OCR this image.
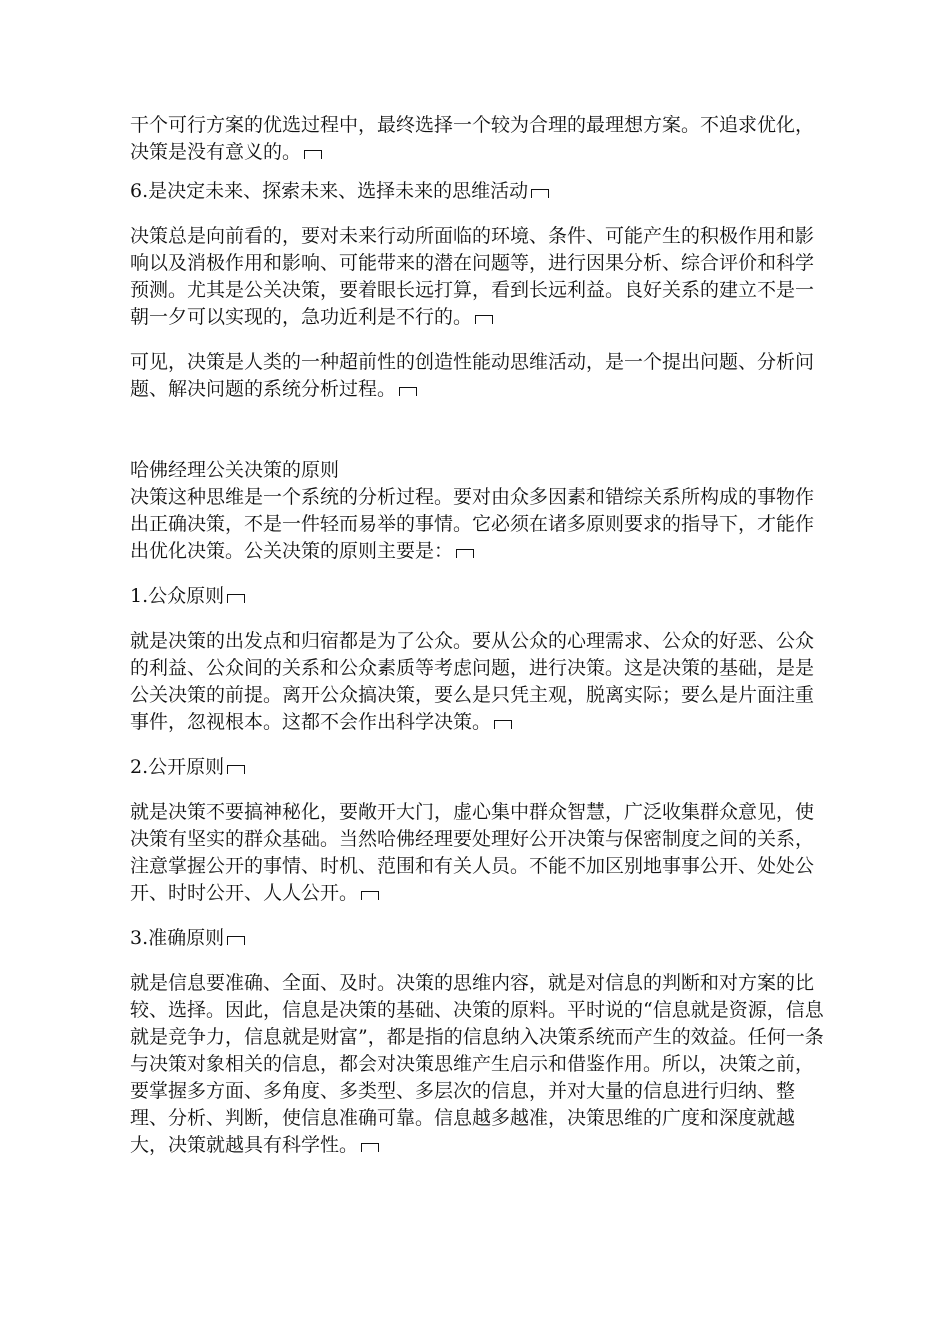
干个可行方案的优选过程中，最终选择一个较为合理的最理想方案。不追求优化，决策是没有意义的。

6.是决定未来、探索未来、选择未来的思维活动

决策总是向前看的，要对未来行动所面临的环境、条件、可能产生的积极作用和影响以及消极作用和影响、可能带来的潜在问题等，进行因果分析、综合评价和科学预测。尤其是公关决策，要着眼长远打算，看到长远利益。良好关系的建立不是一朝一夕可以实现的，急功近利是不行的。

可见，决策是人类的一种超前性的创造性能动思维活动，是一个提出问题、分析问题、解决问题的系统分析过程。

哈佛经理公关决策的原则

决策这种思维是一个系统的分析过程。要对由众多因素和错综关系所构成的事物作出正确决策，不是一件轻而易举的事情。它必须在诸多原则要求的指导下，才能作出优化决策。公关决策的原则主要是：

1.公众原则

就是决策的出发点和归宿都是为了公众。要从公众的心理需求、公众的好恶、公众的利益、公众间的关系和公众素质等考虑问题，进行决策。这是决策的基础，是是公关决策的前提。离开公众搞决策，要么是只凭主观，脱离实际；要么是片面注重事件，忽视根本。这都不会作出科学决策。

2.公开原则

就是决策不要搞神秘化，要敞开大门，虚心集中群众智慧，广泛收集群众意见，使决策有坚实的群众基础。当然哈佛经理要处理好公开决策与保密制度之间的关系，注意掌握公开的事情、时机、范围和有关人员。不能不加区别地事事公开、处处公开、时时公开、人人公开。

3.准确原则

就是信息要准确、全面、及时。决策的思维内容，就是对信息的判断和对方案的比较、选择。因此，信息是决策的基础、决策的原料。平时说的“信息就是资源，信息就是竞争力，信息就是财富”，都是指的信息纳入决策系统而产生的效益。任何一条与决策对象相关的信息，都会对决策思维产生启示和借鉴作用。所以，决策之前，要掌握多方面、多角度、多类型、多层次的信息，并对大量的信息进行归纳、整理、分析、判断，使信息准确可靠。信息越多越准，决策思维的广度和深度就越大，决策就越具有科学性。
